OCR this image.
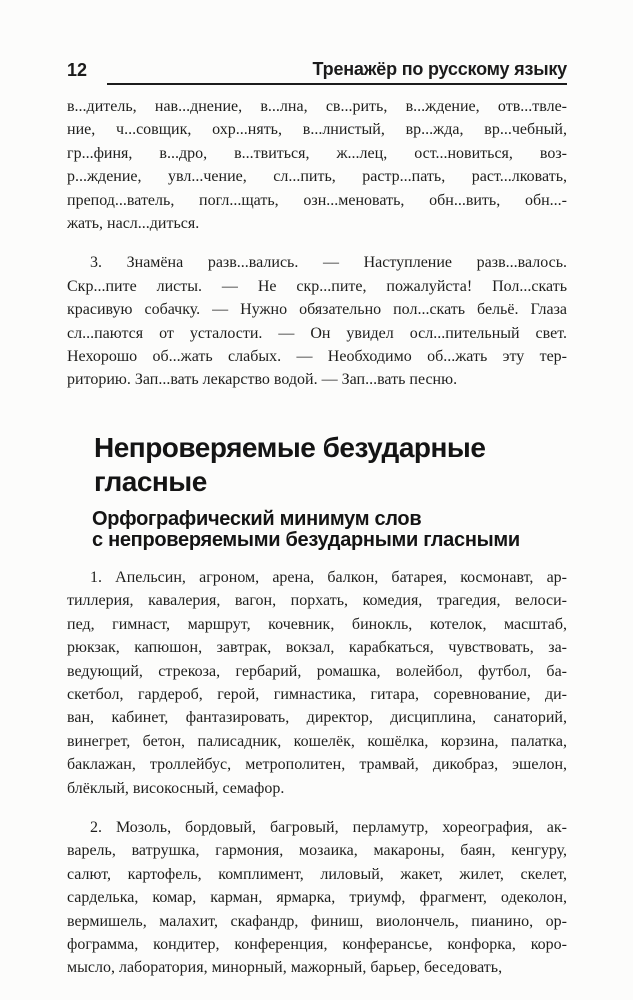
12	Тренажёр по русскому языку

в...дитель, нав...днение, в...лна, св...рить, в...ждение, отв...твле-
ние, ч...совщик, охр...нять, в...лнистый, вр...жда, вр...чебный,
гр...финя, в...дро, в...твиться, ж...лец, ост...новиться, воз-
р...ждение, увл...чение, сл...пить, растр...пать, раст...лковать,
препод...ватель, погл...щать, озн...меновать, обн...вить, обн...-
жать, насл...диться.

3. Знамёна разв...вались. — Наступление разв...валось.
Скр...пите листы. — Не скр...пите, пожалуйста! Пол...скать
красивую собачку. — Нужно обязательно пол...скать бельё. Глаза
сл...паются от усталости. — Он увидел осл...пительный свет.
Нехорошо об...жать слабых. — Необходимо об...жать эту тер-
риторию. Зап...вать лекарство водой. — Зап...вать песню.

Непроверяемые безударные гласные
Орфографический минимум слов
с непроверяемыми безударными гласными

1. Апельсин, агроном, арена, балкон, батарея, космонавт, ар-
тиллерия, кавалерия, вагон, порхать, комедия, трагедия, велоси-
пед, гимнаст, маршрут, кочевник, бинокль, котелок, масштаб,
рюкзак, капюшон, завтрак, вокзал, карабкаться, чувствовать, за-
ведующий, стрекоза, гербарий, ромашка, волейбол, футбол, ба-
скетбол, гардероб, герой, гимнастика, гитара, соревнование, ди-
ван, кабинет, фантазировать, директор, дисциплина, санаторий,
винегрет, бетон, палисадник, кошелёк, кошёлка, корзина, палатка,
баклажан, троллейбус, метрополитен, трамвай, дикобраз, эшелон,
блёклый, високосный, семафор.

2. Мозоль, бордовый, багровый, перламутр, хореография, ак-
варель, ватрушка, гармония, мозаика, макароны, баян, кенгуру,
салют, картофель, комплимент, лиловый, жакет, жилет, скелет,
сарделька, комар, карман, ярмарка, триумф, фрагмент, одеколон,
вермишель, малахит, скафандр, финиш, виолончель, пианино, ор-
фограмма, кондитер, конференция, конферансье, конфорка, коро-
мысло, лаборатория, минорный, мажорный, барьер, беседовать,
